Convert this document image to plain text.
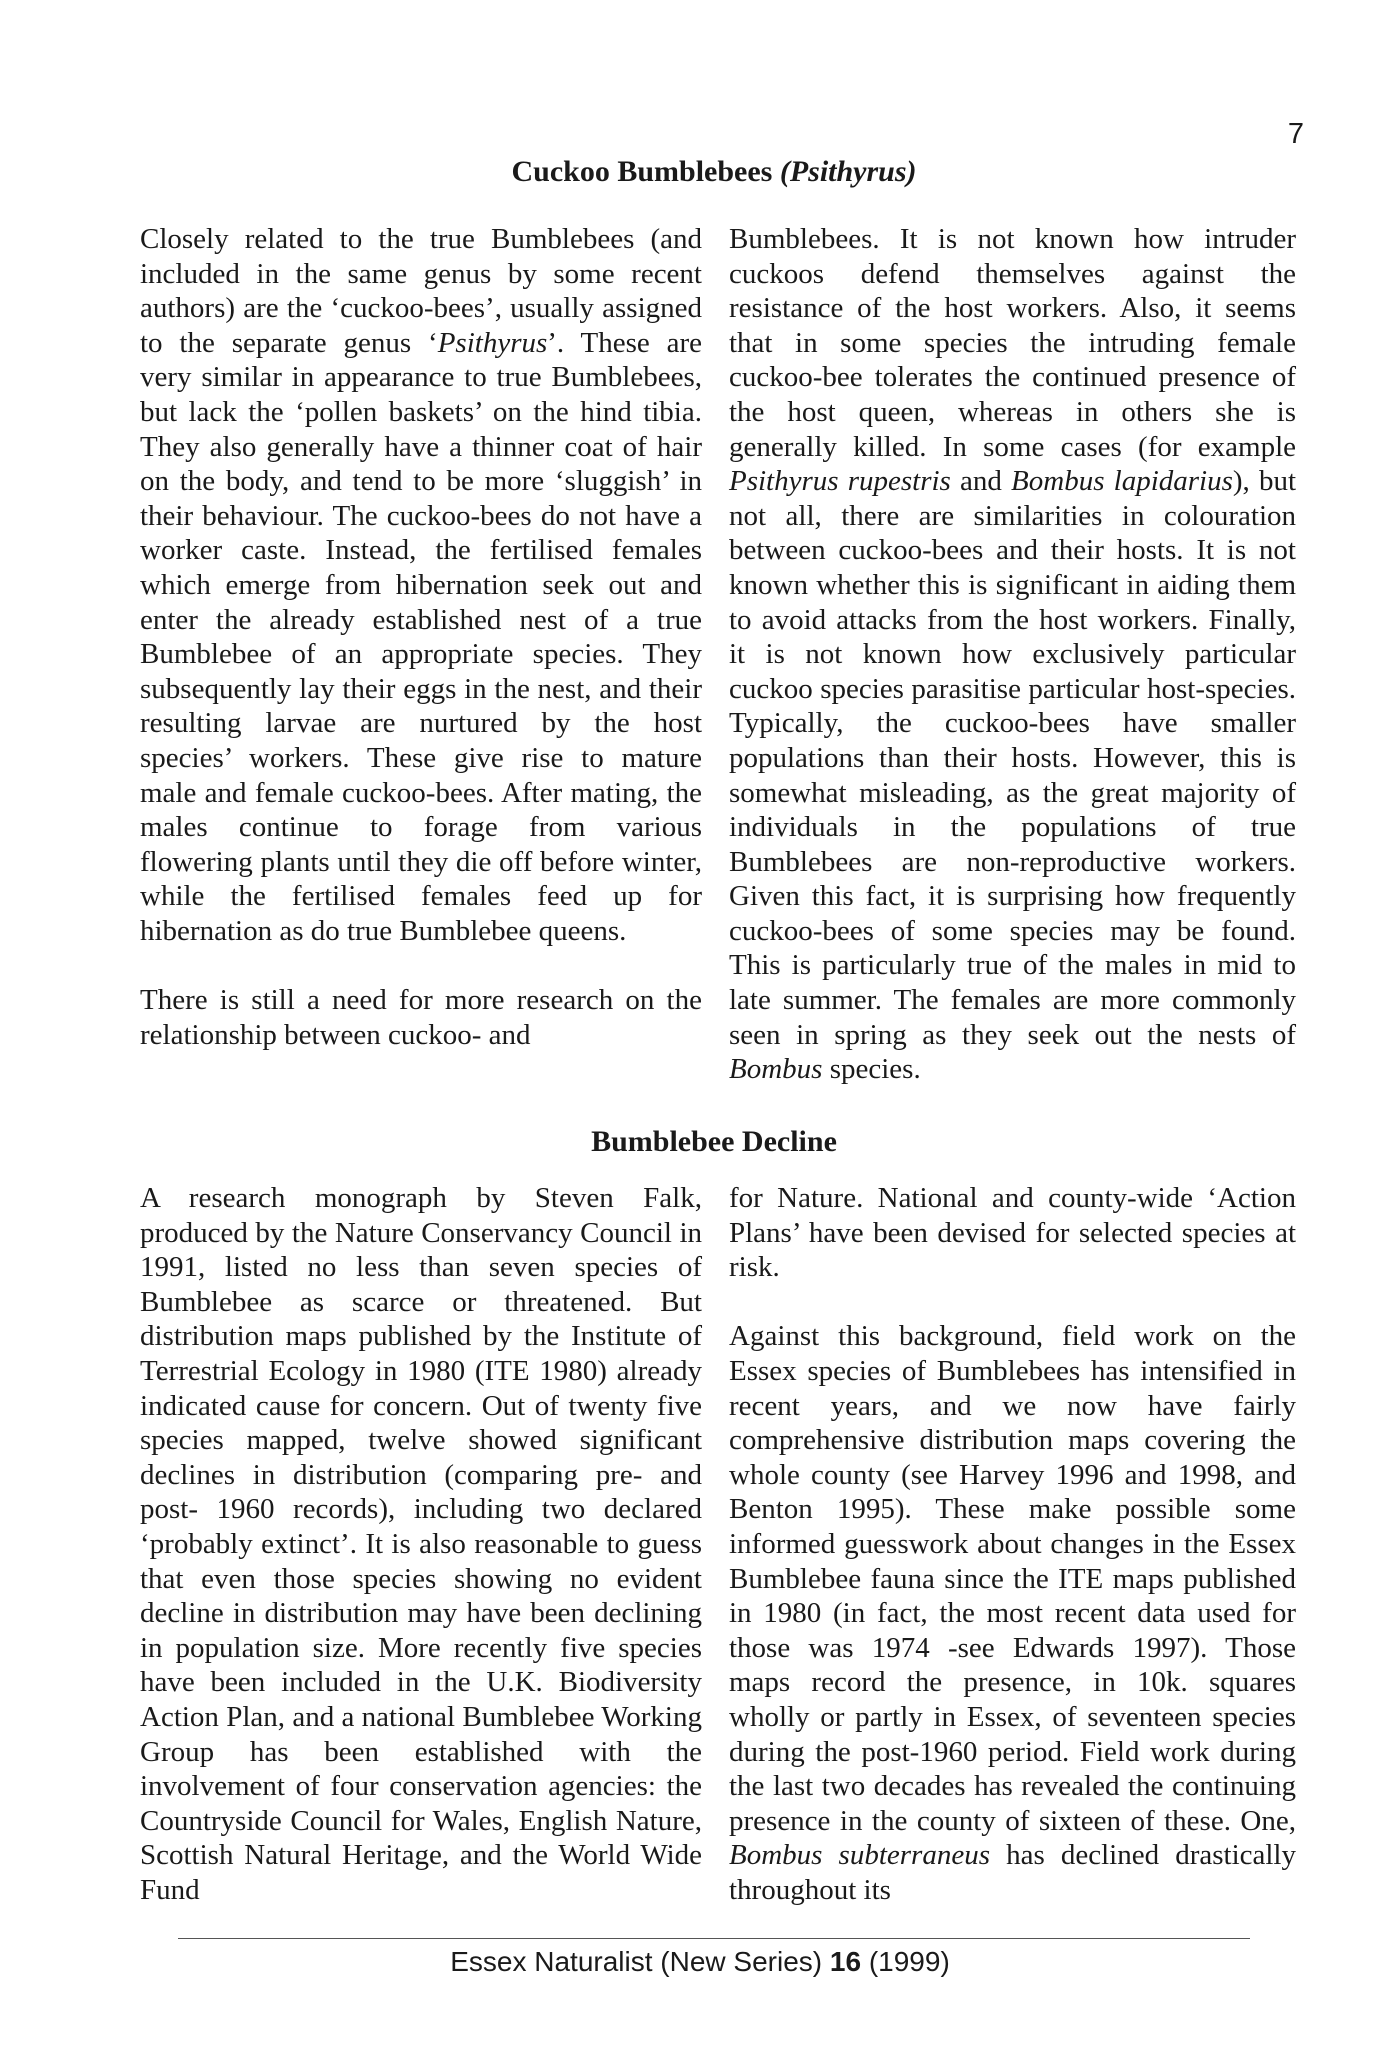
7
Cuckoo Bumblebees (Psithyrus)

Closely related to the true Bumblebees (and included in the same genus by some recent authors) are the ‘cuckoo-bees’, usually assigned to the separate genus ‘Psithyrus’. These are very similar in appearance to true Bumblebees, but lack the ‘pollen baskets’ on the hind tibia. They also generally have a thinner coat of hair on the body, and tend to be more ‘sluggish’ in their behaviour. The cuckoo-bees do not have a worker caste. Instead, the fertilised females which emerge from hibernation seek out and enter the already established nest of a true Bumblebee of an appropriate species. They subsequently lay their eggs in the nest, and their resulting larvae are nurtured by the host species’ workers. These give rise to mature male and female cuckoo-bees. After mating, the males continue to forage from various flowering plants until they die off before winter, while the fertilised females feed up for hibernation as do true Bumblebee queens.

There is still a need for more research on the relationship between cuckoo- and

Bumblebees. It is not known how intruder cuckoos defend themselves against the resistance of the host workers. Also, it seems that in some species the intruding female cuckoo-bee tolerates the continued presence of the host queen, whereas in others she is generally killed. In some cases (for example Psithyrus rupestris and Bombus lapidarius), but not all, there are similarities in colouration between cuckoo-bees and their hosts. It is not known whether this is significant in aiding them to avoid attacks from the host workers. Finally, it is not known how exclusively particular cuckoo species parasitise particular host-species. Typically, the cuckoo-bees have smaller populations than their hosts. However, this is somewhat misleading, as the great majority of individuals in the populations of true Bumblebees are non-reproductive workers. Given this fact, it is surprising how frequently cuckoo-bees of some species may be found. This is particularly true of the males in mid to late summer. The females are more commonly seen in spring as they seek out the nests of Bombus species.

Bumblebee Decline

A research monograph by Steven Falk, produced by the Nature Conservancy Council in 1991, listed no less than seven species of Bumblebee as scarce or threatened. But distribution maps published by the Institute of Terrestrial Ecology in 1980 (ITE 1980) already indicated cause for concern. Out of twenty five species mapped, twelve showed significant declines in distribution (comparing pre- and post- 1960 records), including two declared ‘probably extinct’. It is also reasonable to guess that even those species showing no evident decline in distribution may have been declining in population size. More recently five species have been included in the U.K. Biodiversity Action Plan, and a national Bumblebee Working Group has been established with the involvement of four conservation agencies: the Countryside Council for Wales, English Nature, Scottish Natural Heritage, and the World Wide Fund

for Nature. National and county-wide ‘Action Plans’ have been devised for selected species at risk.

Against this background, field work on the Essex species of Bumblebees has intensified in recent years, and we now have fairly comprehensive distribution maps covering the whole county (see Harvey 1996 and 1998, and Benton 1995). These make possible some informed guesswork about changes in the Essex Bumblebee fauna since the ITE maps published in 1980 (in fact, the most recent data used for those was 1974 -see Edwards 1997). Those maps record the presence, in 10k. squares wholly or partly in Essex, of seventeen species during the post-1960 period. Field work during the last two decades has revealed the continuing presence in the county of sixteen of these. One, Bombus subterraneus has declined drastically throughout its

Essex Naturalist (New Series) 16 (1999)
